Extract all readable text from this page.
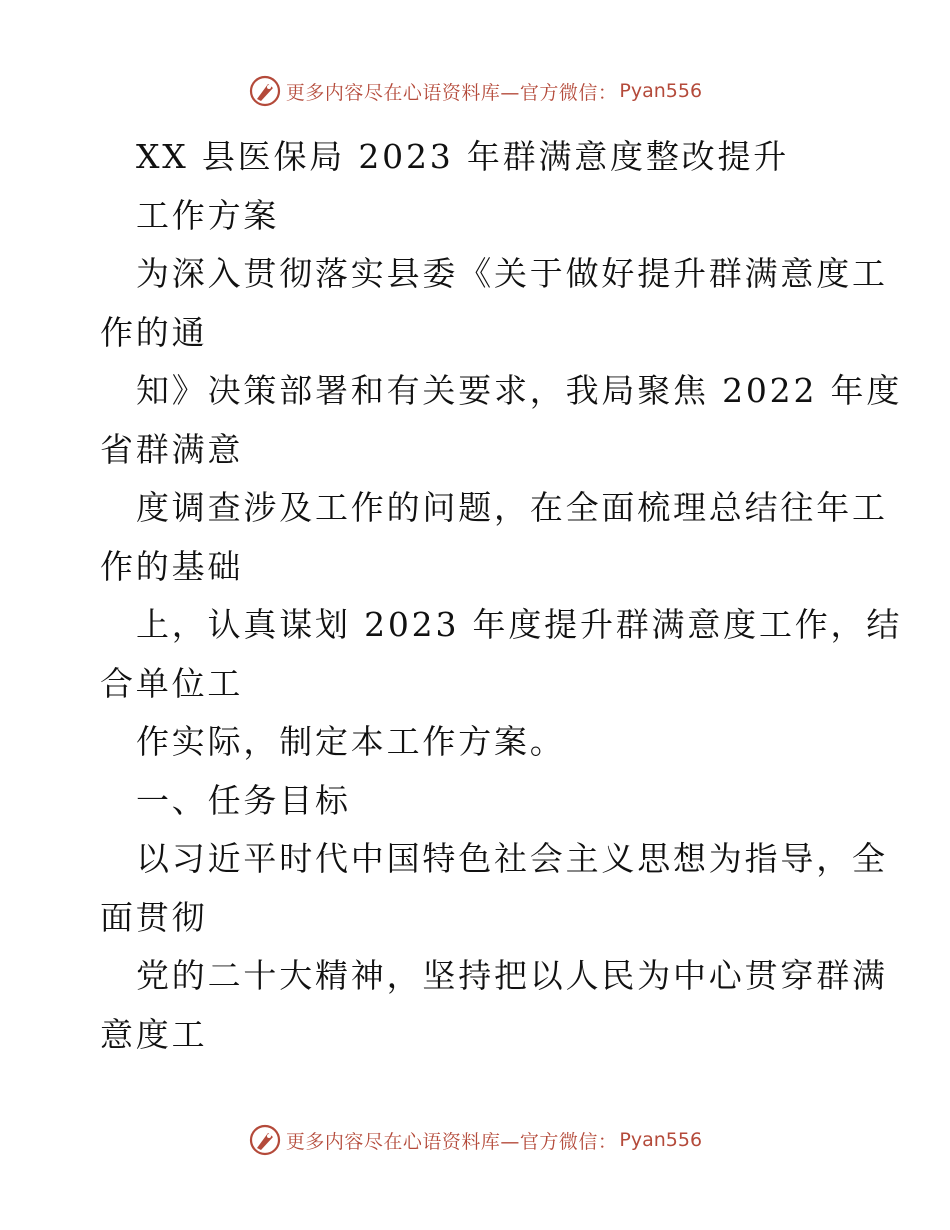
更多内容尽在心语资料库—官方微信： Pyan556
XX 县医保局 2023 年群满意度整改提升
工作方案
为深入贯彻落实县委《关于做好提升群满意度工
作的通
知》决策部署和有关要求，我局聚焦 2022 年度
省群满意
度调查涉及工作的问题，在全面梳理总结往年工
作的基础
上，认真谋划 2023 年度提升群满意度工作，结
合单位工
作实际，制定本工作方案。
一、任务目标
以习近平时代中国特色社会主义思想为指导，全
面贯彻
党的二十大精神，坚持把以人民为中心贯穿群满
意度工
更多内容尽在心语资料库—官方微信： Pyan556
